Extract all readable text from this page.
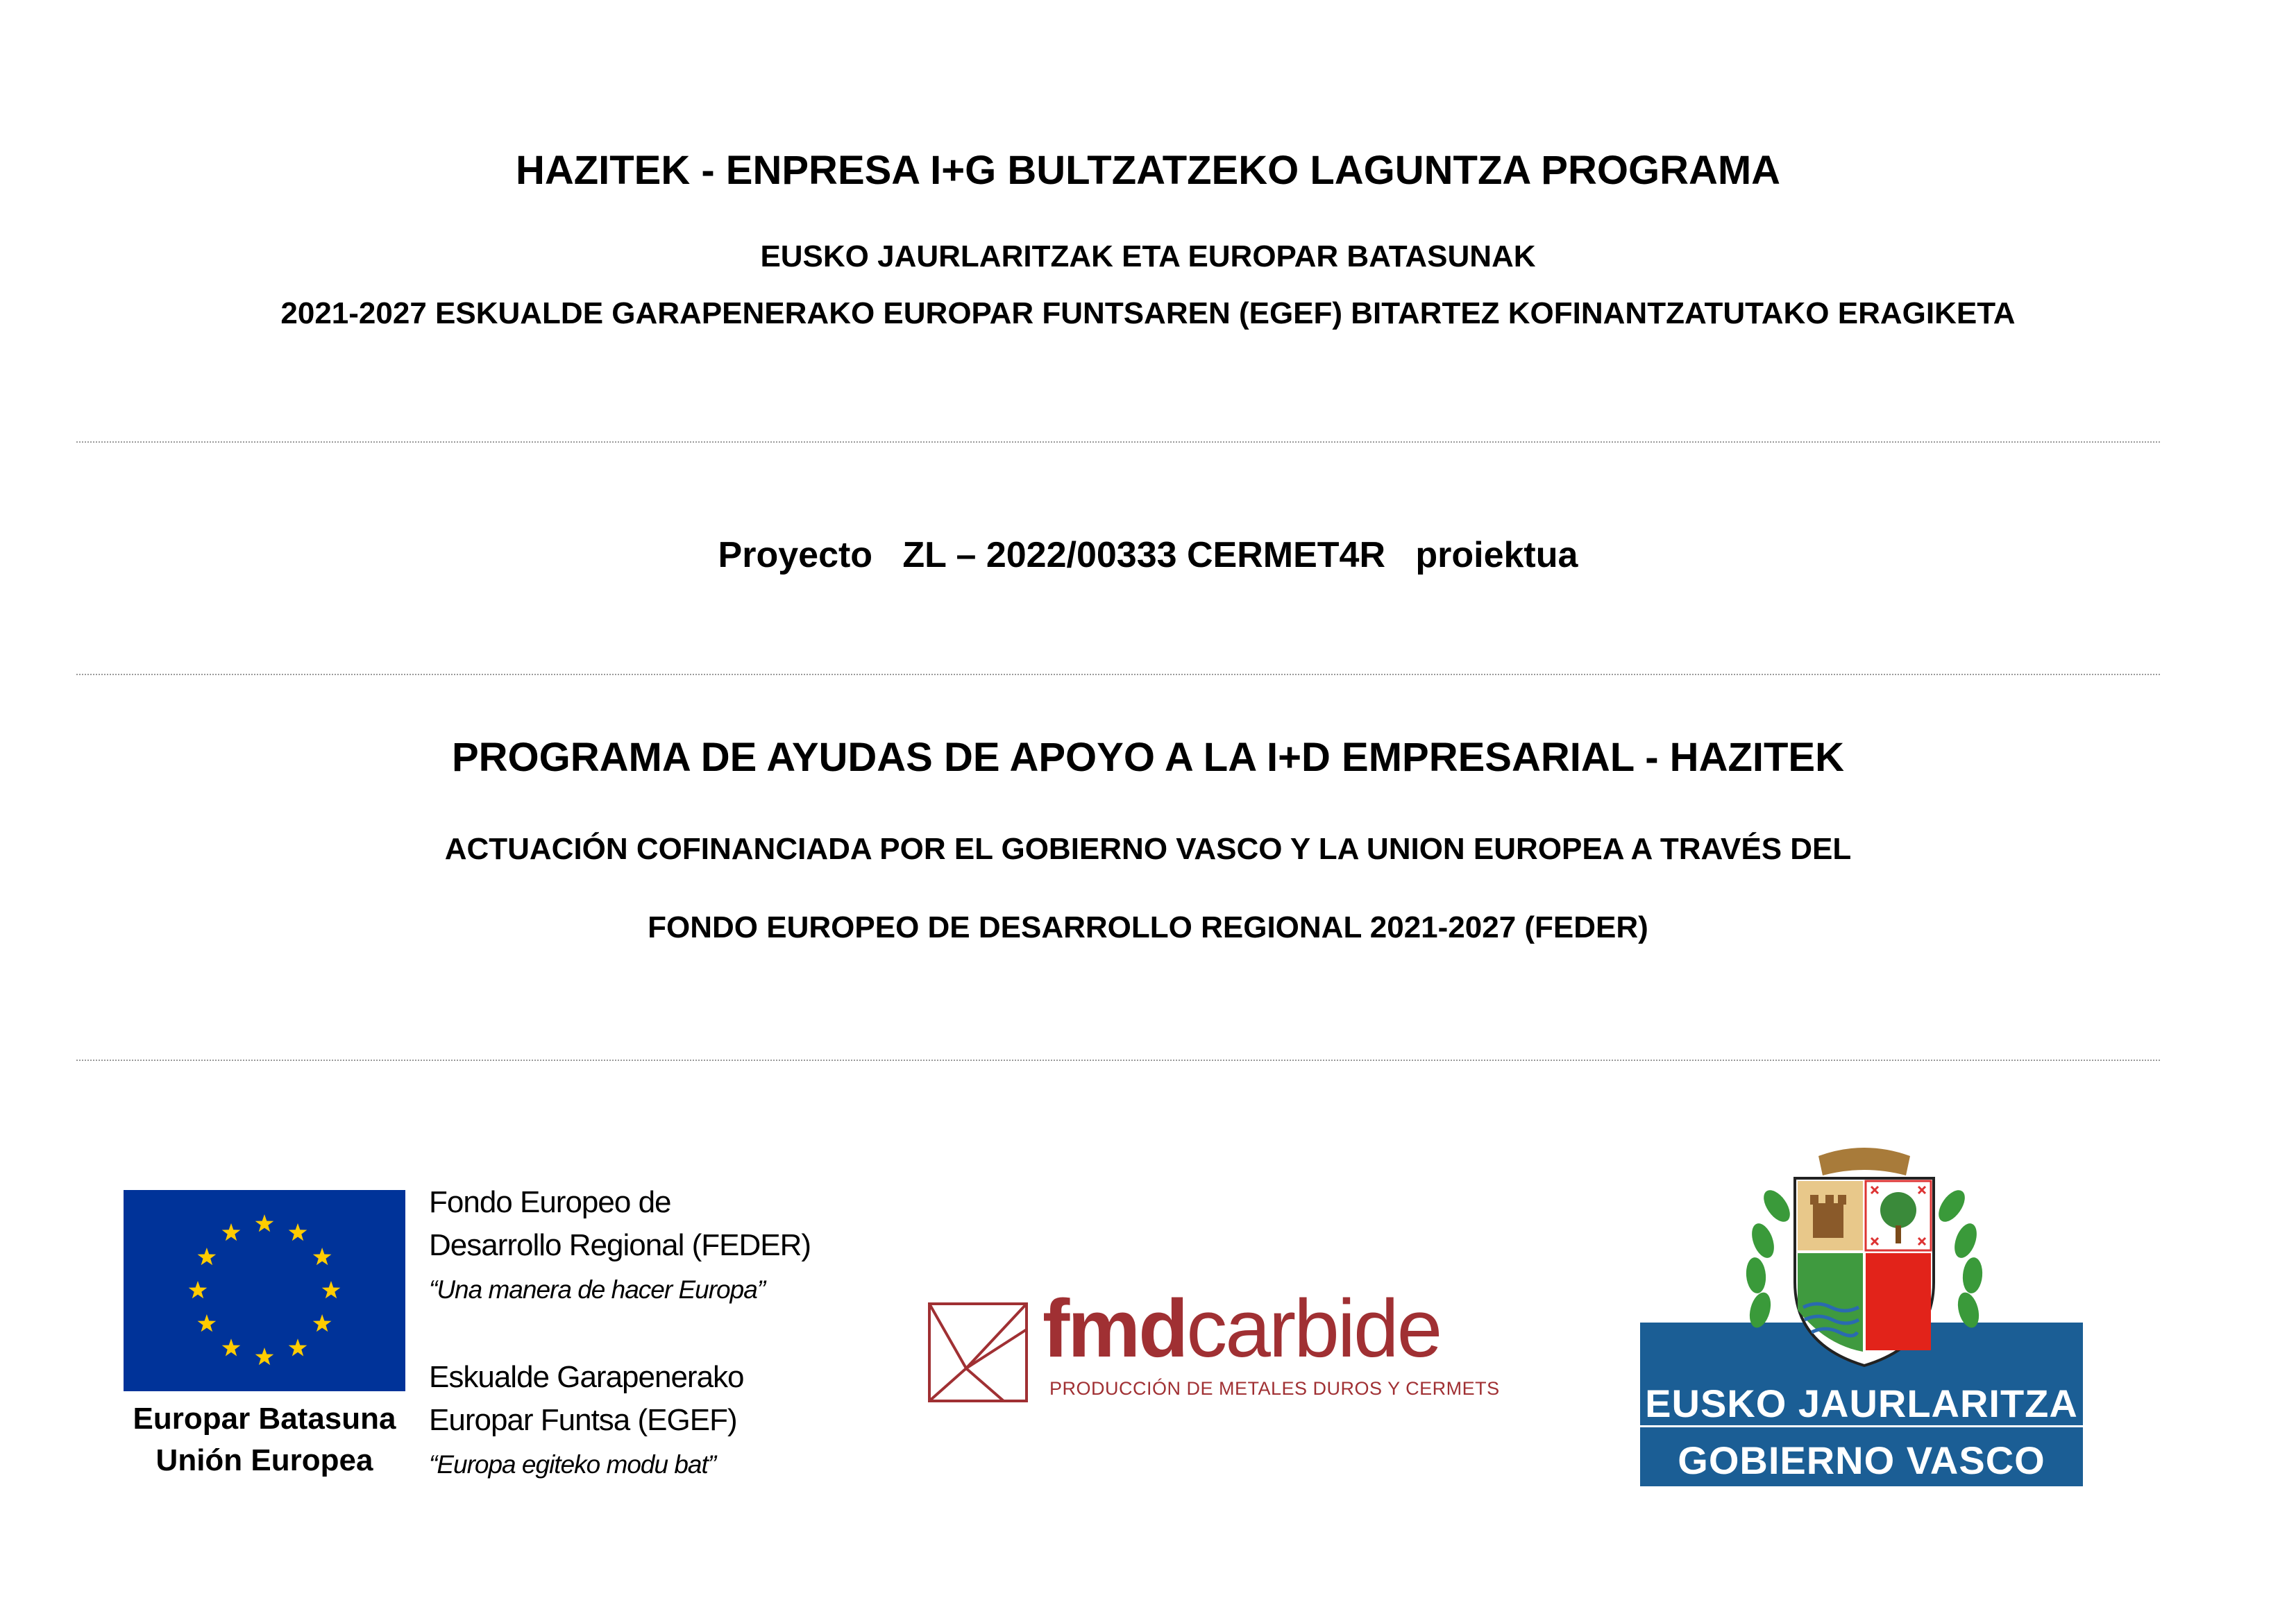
HAZITEK - ENPRESA I+G BULTZATZEKO LAGUNTZA PROGRAMA
EUSKO JAURLARITZAK ETA EUROPAR BATASUNAK
2021-2027 ESKUALDE GARAPENERAKO EUROPAR FUNTSAREN (EGEF) BITARTEZ KOFINANTZATUTAKO ERAGIKETA
Proyecto ZL – 2022/00333 CERMET4R proiektua
PROGRAMA DE AYUDAS DE APOYO A LA I+D EMPRESARIAL - HAZITEK
ACTUACIÓN COFINANCIADA POR EL GOBIERNO VASCO Y LA UNION EUROPEA A TRAVÉS DEL
FONDO EUROPEO DE DESARROLLO REGIONAL 2021-2027 (FEDER)
Europar Batasuna
Unión Europea
Fondo Europeo de
Desarrollo Regional (FEDER)
“Una manera de hacer Europa”
Eskualde Garapenerako
Europar Funtsa (EGEF)
“Europa egiteko modu bat”
fmdcarbide
PRODUCCIÓN DE METALES DUROS Y CERMETS	EUSKO JAURLARITZA
GOBIERNO VASCO
